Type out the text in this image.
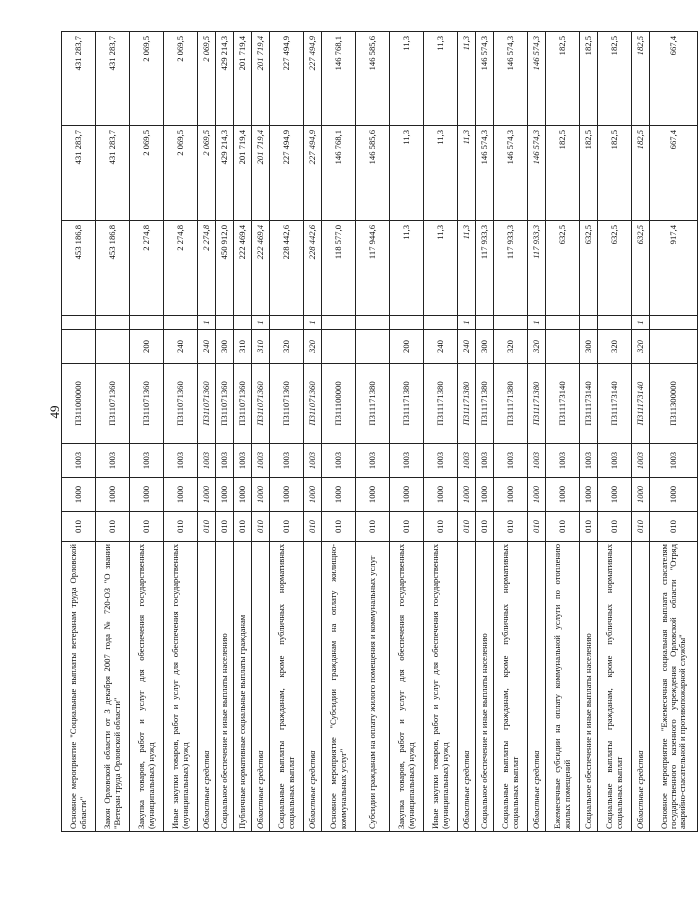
49
Основное мероприятие "Социальные выплаты ветеранам труда Орловской области"	010	1000	1003	П311000000			453 186,8	431 283,7	431 283,7
Закон Орловской области от 3 декабря 2007 года № 720-ОЗ "О звании "Ветеран труда Орловской области"	010	1000	1003	П311071360			453 186,8	431 283,7	431 283,7
Закупка товаров, работ и услуг для обеспечения государственных (муниципальных) нужд	010	1000	1003	П311071360	200		2 274,8	2 069,5	2 069,5
Иные закупки товаров, работ и услуг для обеспечения государственных (муниципальных) нужд	010	1000	1003	П311071360	240		2 274,8	2 069,5	2 069,5
Областные средства	010	1000	1003	П311071360	240	1	2 274,8	2 069,5	2 069,5
Социальное обеспечение и иные выплаты населению	010	1000	1003	П311071360	300		450 912,0	429 214,3	429 214,3
Публичные нормативные социальные выплаты гражданам	010	1000	1003	П311071360	310		222 469,4	201 719,4	201 719,4
Областные средства	010	1000	1003	П311071360	310	1	222 469,4	201 719,4	201 719,4
Социальные выплаты гражданам, кроме публичных нормативных социальных выплат	010	1000	1003	П311071360	320		228 442,6	227 494,9	227 494,9
Областные средства	010	1000	1003	П311071360	320	1	228 442,6	227 494,9	227 494,9
Основное мероприятие "Субсидии гражданам на оплату жилищно-коммунальных услуг"	010	1000	1003	П311100000			118 577,0	146 768,1	146 768,1
Субсидии гражданам на оплату жилого помещения и коммунальных услуг	010	1000	1003	П311171380			117 944,6	146 585,6	146 585,6
Закупка товаров, работ и услуг для обеспечения государственных (муниципальных) нужд	010	1000	1003	П311171380	200		11,3	11,3	11,3
Иные закупки товаров, работ и услуг для обеспечения государственных (муниципальных) нужд	010	1000	1003	П311171380	240		11,3	11,3	11,3
Областные средства	010	1000	1003	П311171380	240	1	11,3	11,3	11,3
Социальное обеспечение и иные выплаты населению	010	1000	1003	П311171380	300		117 933,3	146 574,3	146 574,3
Социальные выплаты гражданам, кроме публичных нормативных социальных выплат	010	1000	1003	П311171380	320		117 933,3	146 574,3	146 574,3
Областные средства	010	1000	1003	П311171380	320	1	117 933,3	146 574,3	146 574,3
Ежемесячные субсидии на оплату коммунальной услуги по отоплению жилых помещений	010	1000	1003	П311173140			632,5	182,5	182,5
Социальное обеспечение и иные выплаты населению	010	1000	1003	П311173140	300		632,5	182,5	182,5
Социальные выплаты гражданам, кроме публичных нормативных социальных выплат	010	1000	1003	П311173140	320		632,5	182,5	182,5
Областные средства	010	1000	1003	П311173140	320	1	632,5	182,5	182,5
Основное мероприятие "Ежемесячная социальная выплата спасателям государственного казенного учреждения Орловской области "Отряд аварийно-спасательной и противопожарной службы"	010	1000	1003	П311300000			917,4	667,4	667,4
